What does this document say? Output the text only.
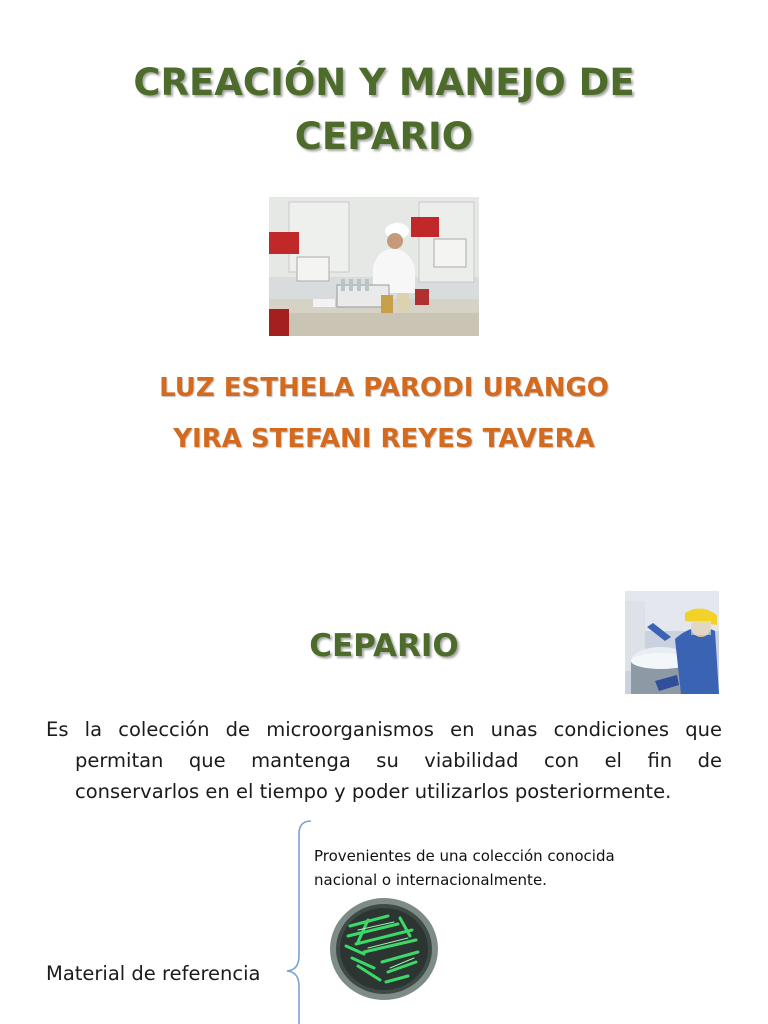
CREACIÓN Y MANEJO DE
CEPARIO
LUZ ESTHELA PARODI URANGO
YIRA STEFANI REYES TAVERA
CEPARIO
Es la colección de microorganismos en unas condiciones que
permitan que mantenga su viabilidad con el fin de
conservarlos en el tiempo y poder utilizarlos posteriormente.
Provenientes de una colección conocida
nacional o internacionalmente.
Material de referencia
